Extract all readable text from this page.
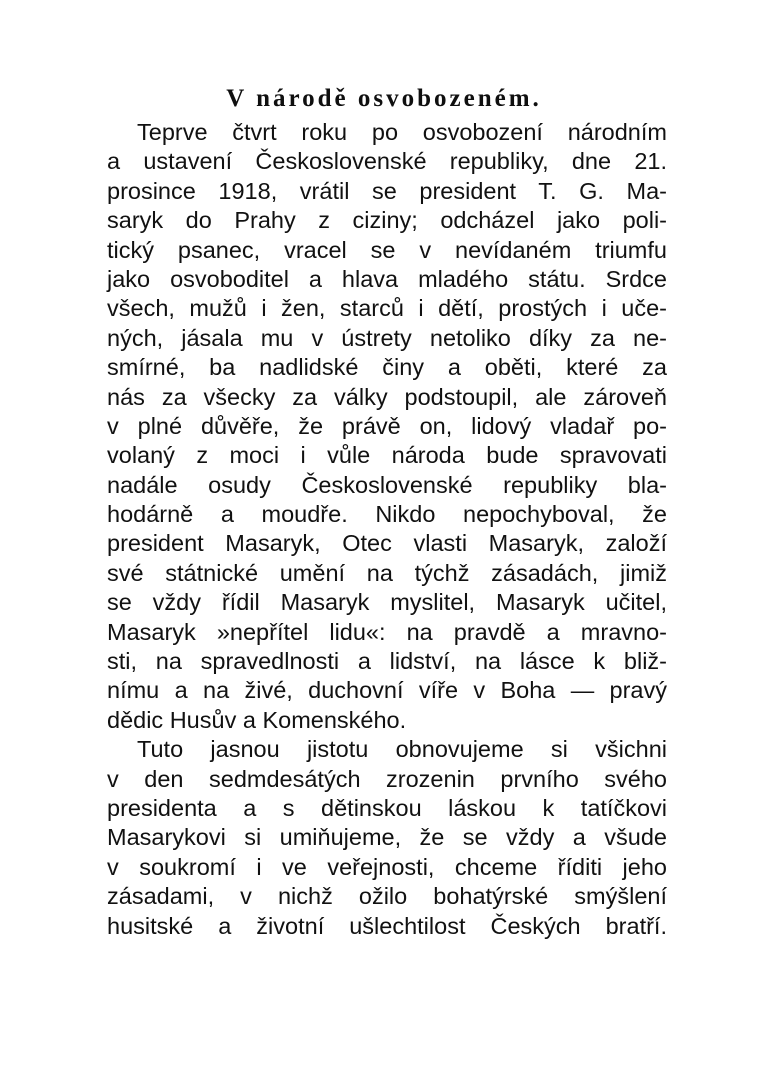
V národě osvobozeném.
Teprve čtvrt roku po osvobození národním
a ustavení Československé republiky, dne 21.
prosince 1918, vrátil se president T. G. Ma-
saryk do Prahy z ciziny; odcházel jako poli-
tický psanec, vracel se v nevídaném triumfu
jako osvoboditel a hlava mladého státu. Srdce
všech, mužů i žen, starců i dětí, prostých i uče-
ných, jásala mu v ústrety netoliko díky za ne-
smírné, ba nadlidské činy a oběti, které za
nás za všecky za války podstoupil, ale zároveň
v plné důvěře, že právě on, lidový vladař po-
volaný z moci i vůle národa bude spravovati
nadále osudy Československé republiky bla-
hodárně a moudře. Nikdo nepochyboval, že
president Masaryk, Otec vlasti Masaryk, založí
své státnické umění na týchž zásadách, jimiž
se vždy řídil Masaryk myslitel, Masaryk učitel,
Masaryk »nepřítel lidu«: na pravdě a mravno-
sti, na spravedlnosti a lidství, na lásce k bliž-
nímu a na živé, duchovní víře v Boha — pravý
dědic Husův a Komenského.
Tuto jasnou jistotu obnovujeme si všichni
v den sedmdesátých zrozenin prvního svého
presidenta a s dětinskou láskou k tatíčkovi
Masarykovi si umiňujeme, že se vždy a všude
v soukromí i ve veřejnosti, chceme říditi jeho
zásadami, v nichž ožilo bohatýrské smýšlení
husitské a životní ušlechtilost Českých bratří.
